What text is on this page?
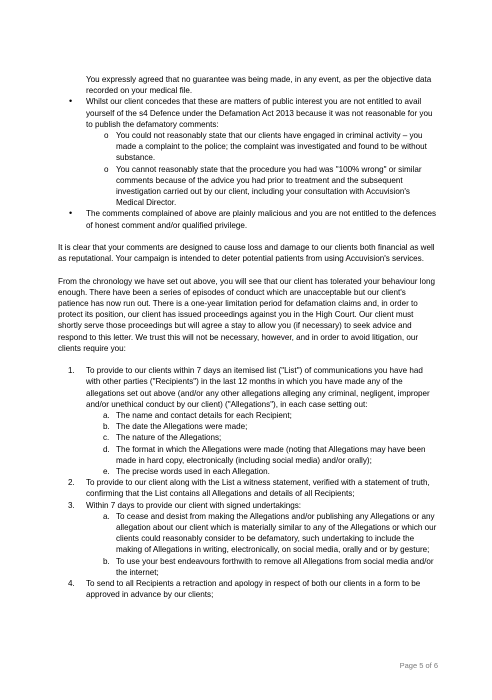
You expressly agreed that no guarantee was being made, in any event, as per the objective data recorded on your medical file.

• Whilst our client concedes that these are matters of public interest you are not entitled to avail yourself of the s4 Defence under the Defamation Act 2013 because it was not reasonable for you to publish the defamatory comments:

o You could not reasonably state that our clients have engaged in criminal activity – you made a complaint to the police; the complaint was investigated and found to be without substance.

o You cannot reasonably state that the procedure you had was "100% wrong" or similar comments because of the advice you had prior to treatment and the subsequent investigation carried out by our client, including your consultation with Accuvision's Medical Director.

• The comments complained of above are plainly malicious and you are not entitled to the defences of honest comment and/or qualified privilege.

It is clear that your comments are designed to cause loss and damage to our clients both financial as well as reputational. Your campaign is intended to deter potential patients from using Accuvision's services.

From the chronology we have set out above, you will see that our client has tolerated your behaviour long enough. There have been a series of episodes of conduct which are unacceptable but our client's patience has now run out. There is a one-year limitation period for defamation claims and, in order to protect its position, our client has issued proceedings against you in the High Court. Our client must shortly serve those proceedings but will agree a stay to allow you (if necessary) to seek advice and respond to this letter. We trust this will not be necessary, however, and in order to avoid litigation, our clients require you:

1. To provide to our clients within 7 days an itemised list ("List") of communications you have had with other parties ("Recipients") in the last 12 months in which you have made any of the allegations set out above (and/or any other allegations alleging any criminal, negligent, improper and/or unethical conduct by our client) ("Allegations"), in each case setting out:

a. The name and contact details for each Recipient;

b. The date the Allegations were made;

c. The nature of the Allegations;

d. The format in which the Allegations were made (noting that Allegations may have been made in hard copy, electronically (including social media) and/or orally);

e. The precise words used in each Allegation.

2. To provide to our client along with the List a witness statement, verified with a statement of truth, confirming that the List contains all Allegations and details of all Recipients;

3. Within 7 days to provide our client with signed undertakings:

a. To cease and desist from making the Allegations and/or publishing any Allegations or any allegation about our client which is materially similar to any of the Allegations or which our clients could reasonably consider to be defamatory, such undertaking to include the making of Allegations in writing, electronically, on social media, orally and or by gesture;

b. To use your best endeavours forthwith to remove all Allegations from social media and/or the internet;

4. To send to all Recipients a retraction and apology in respect of both our clients in a form to be approved in advance by our clients;

Page 5 of 6
